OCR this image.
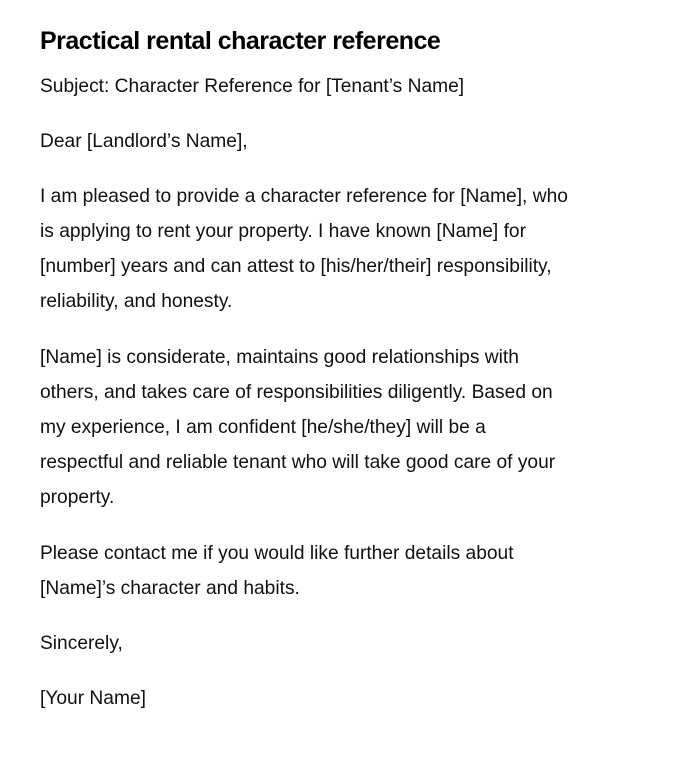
Practical rental character reference

Subject: Character Reference for [Tenant’s Name]

Dear [Landlord’s Name],

I am pleased to provide a character reference for [Name], who
is applying to rent your property. I have known [Name] for
[number] years and can attest to [his/her/their] responsibility,
reliability, and honesty.

[Name] is considerate, maintains good relationships with
others, and takes care of responsibilities diligently. Based on
my experience, I am confident [he/she/they] will be a
respectful and reliable tenant who will take good care of your
property.

Please contact me if you would like further details about
[Name]’s character and habits.

Sincerely,

[Your Name]
